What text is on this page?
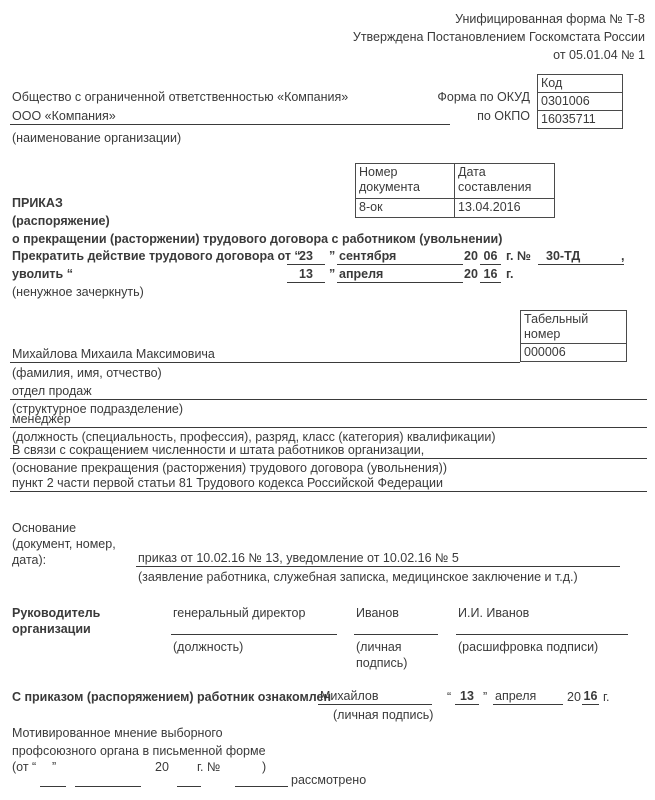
Унифицированная форма № Т-8
Утверждена Постановлением Госкомстата России
от 05.01.04 № 1
Код
0301006
16035711
Общество с ограниченной ответственностью «Компания»	Форма по ОКУД
ООО «Компания»	по ОКПО
(наименование организации)
Номер документа	Дата составления
8-ок	13.04.2016
ПРИКАЗ
(распоряжение)
о прекращении (расторжении) трудового договора с работником (увольнении)
Прекратить действие трудового договора от “
23	” сентября	20 06 г. №	30-ТД	,
уволить “	13	” апреля	20 16 г.
(ненужное зачеркнуть)
Табельный номер
000006
Михайлова Михаила Максимовича
(фамилия, имя, отчество)
отдел продаж
(структурное подразделение)
менеджер
(должность (специальность, профессия), разряд, класс (категория) квалификации)
В связи с сокращением численности и штата работников организации,
(основание прекращения (расторжения) трудового договора (увольнения))
пункт 2 части первой статьи 81 Трудового кодекса Российской Федерации
Основание
(документ, номер,
дата):	приказ от 10.02.16 № 13, уведомление от 10.02.16 № 5
(заявление работника, служебная записка, медицинское заключение и т.д.)
Руководитель
организации
генеральный директор
(должность)
Иванов
(личная
подпись)
И.И. Иванов
(расшифровка подписи)
С приказом (распоряжением) работник ознакомлен
Михайлов
(личная подпись)
“ 13 ” апреля	20 16 г.
Мотивированное мнение выборного
профсоюзного органа в письменной форме
(от “ ”	20 г. №	)
рассмотрено
